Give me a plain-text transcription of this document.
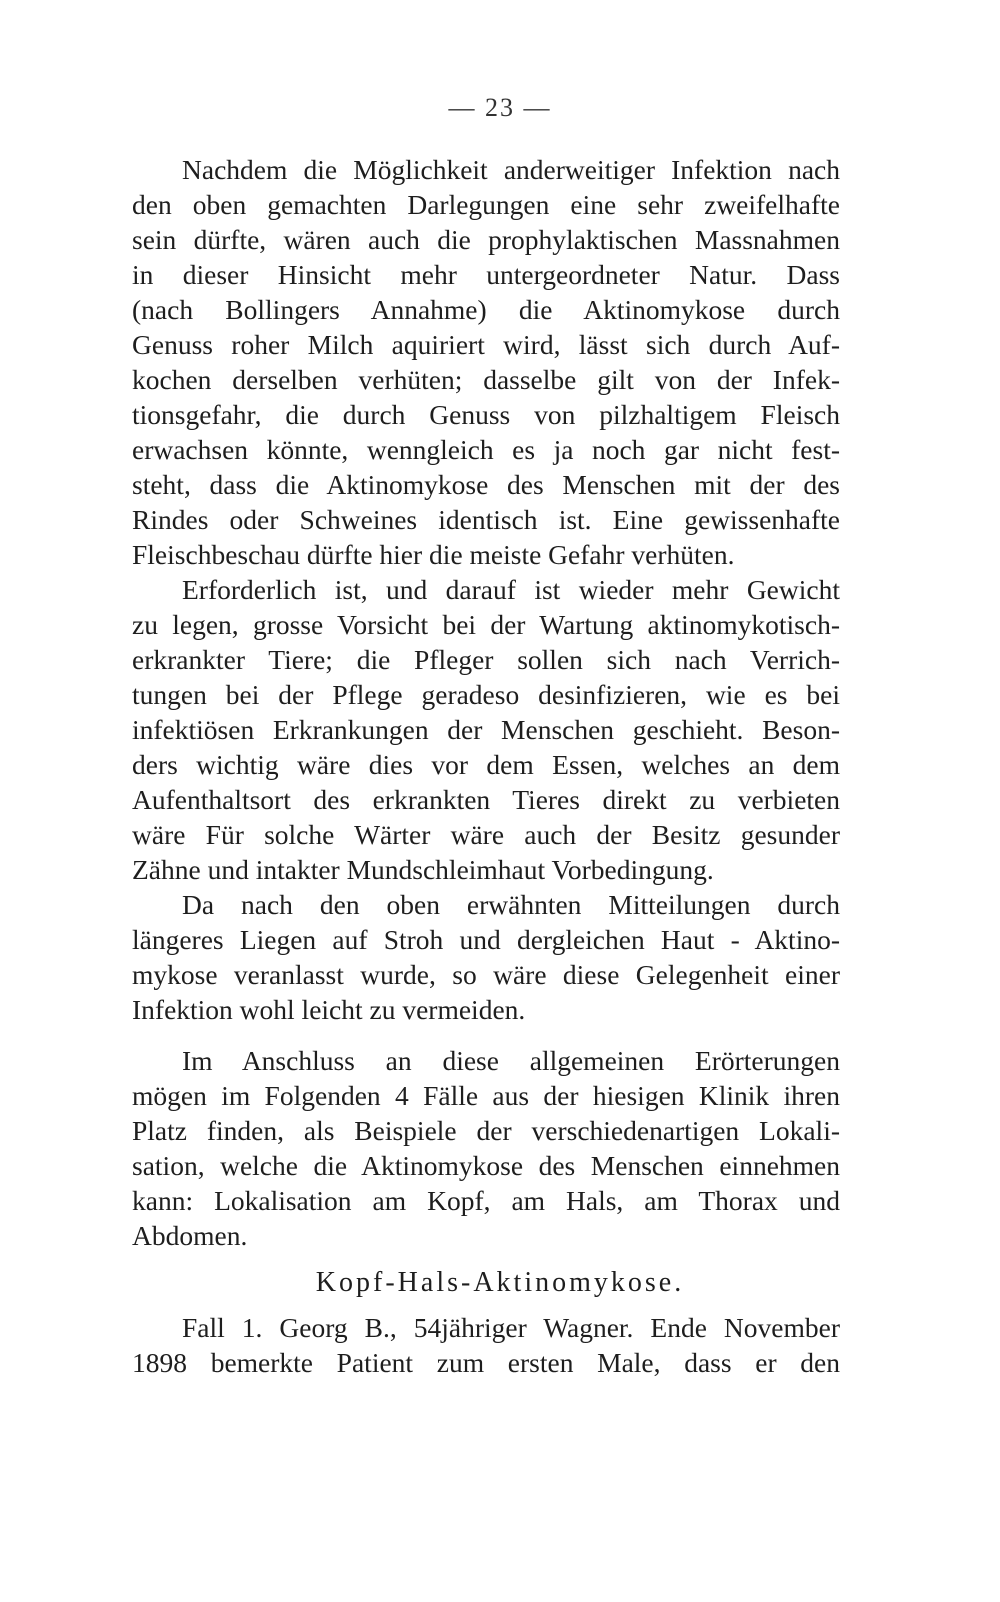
— 23 —
Nachdem die Möglichkeit anderweitiger Infektion nach
den oben gemachten Darlegungen eine sehr zweifelhafte
sein dürfte, wären auch die prophylaktischen Massnahmen
in dieser Hinsicht mehr untergeordneter Natur. Dass
(nach Bollingers Annahme) die Aktinomykose durch
Genuss roher Milch aquiriert wird, lässt sich durch Auf-
kochen derselben verhüten; dasselbe gilt von der Infek-
tionsgefahr, die durch Genuss von pilzhaltigem Fleisch
erwachsen könnte, wenngleich es ja noch gar nicht fest-
steht, dass die Aktinomykose des Menschen mit der des
Rindes oder Schweines identisch ist. Eine gewissenhafte
Fleischbeschau dürfte hier die meiste Gefahr verhüten.
Erforderlich ist, und darauf ist wieder mehr Gewicht
zu legen, grosse Vorsicht bei der Wartung aktinomykotisch-
erkrankter Tiere; die Pfleger sollen sich nach Verrich-
tungen bei der Pflege geradeso desinfizieren, wie es bei
infektiösen Erkrankungen der Menschen geschieht. Beson-
ders wichtig wäre dies vor dem Essen, welches an dem
Aufenthaltsort des erkrankten Tieres direkt zu verbieten
wäre Für solche Wärter wäre auch der Besitz gesunder
Zähne und intakter Mundschleimhaut Vorbedingung.
Da nach den oben erwähnten Mitteilungen durch
längeres Liegen auf Stroh und dergleichen Haut - Aktino-
mykose veranlasst wurde, so wäre diese Gelegenheit einer
Infektion wohl leicht zu vermeiden.
Im Anschluss an diese allgemeinen Erörterungen
mögen im Folgenden 4 Fälle aus der hiesigen Klinik ihren
Platz finden, als Beispiele der verschiedenartigen Lokali-
sation, welche die Aktinomykose des Menschen einnehmen
kann: Lokalisation am Kopf, am Hals, am Thorax und
Abdomen.
Kopf-Hals-Aktinomykose.
Fall 1. Georg B., 54jähriger Wagner. Ende November
1898 bemerkte Patient zum ersten Male, dass er den
